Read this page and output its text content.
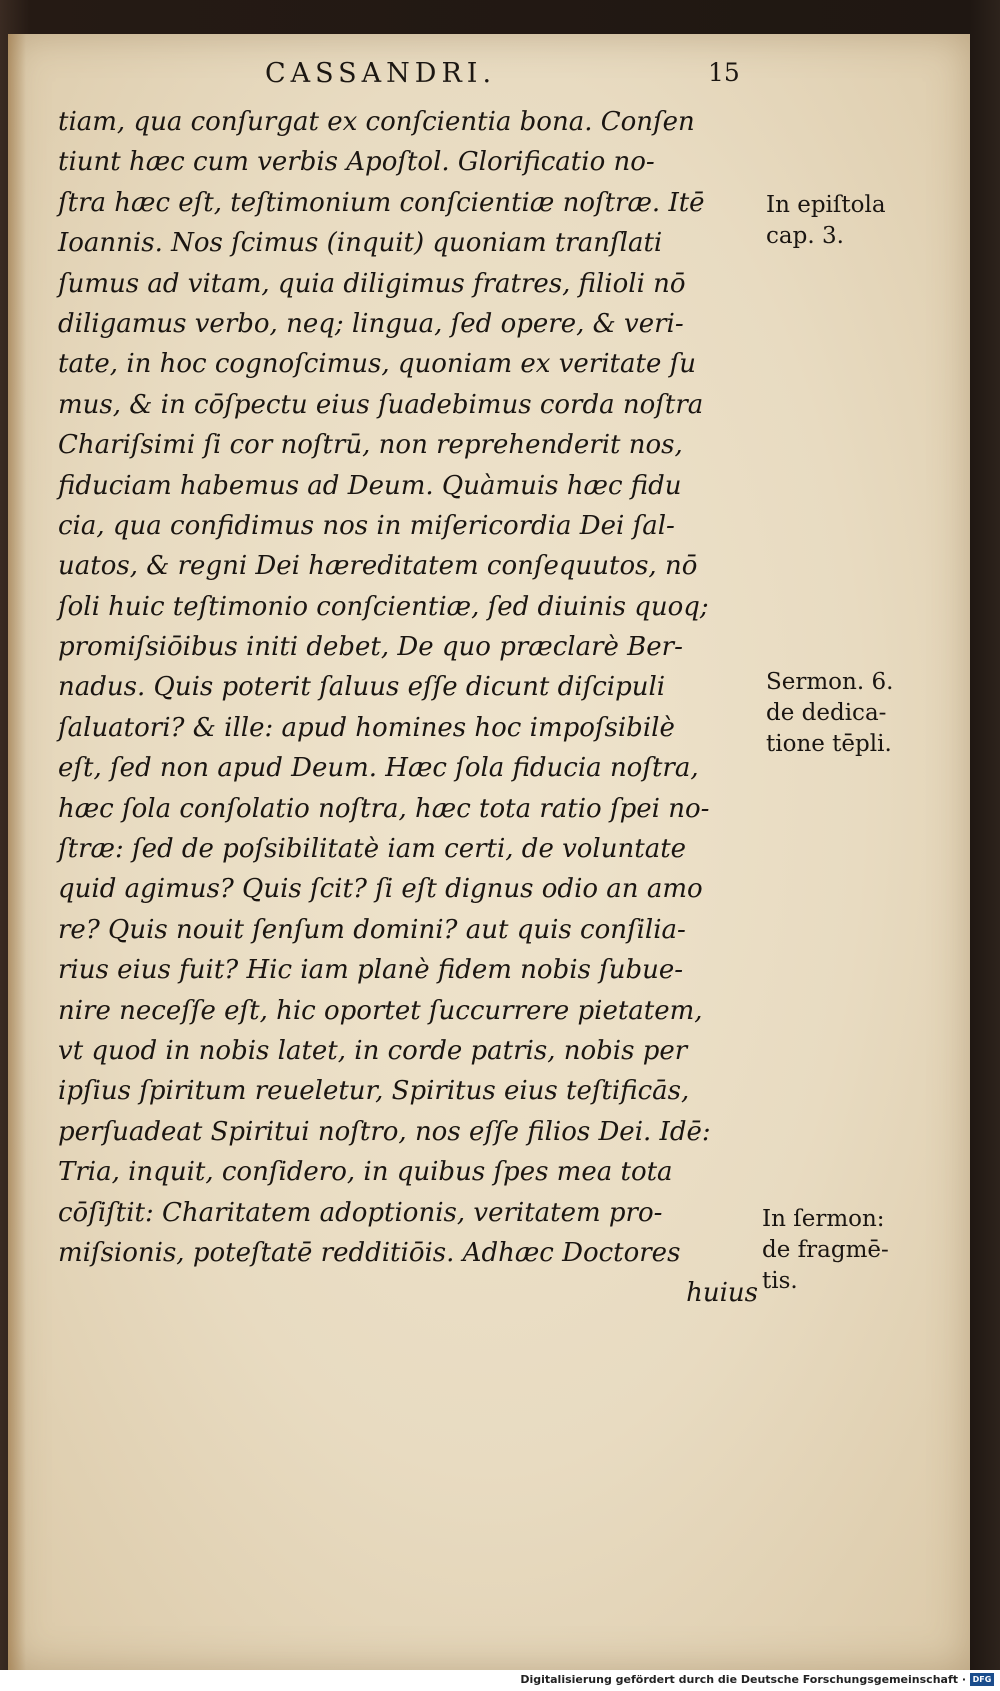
CASSANDRI.	15
tiam, qua conſurgat ex conſcientia bona. Conſen
tiunt hæc cum verbis Apoſtol. Glorificatio no-
ſtra hæc eſt, teſtimonium conſcientiæ noſtræ. Itē
Ioannis. Nos ſcimus (inquit) quoniam tranſlati
ſumus ad vitam, quia diligimus fratres, filioli nō
diligamus verbo, neq; lingua, ſed opere, & veri-
tate, in hoc cognoſcimus, quoniam ex veritate ſu
mus, & in cōſpectu eius ſuadebimus corda noſtra
Chariſsimi ſi cor noſtrū, non reprehenderit nos,
fiduciam habemus ad Deum. Quàmuis hæc fidu
cia, qua confidimus nos in miſericordia Dei ſal-
uatos, & regni Dei hæreditatem conſequutos, nō
ſoli huic teſtimonio conſcientiæ, ſed diuinis quoq;
promiſsiōibus initi debet, De quo præclarè Ber-
nadus. Quis poterit ſaluus eſſe dicunt diſcipuli
ſaluatori? & ille: apud homines hoc impoſsibilè
eſt, ſed non apud Deum. Hæc ſola fiducia noſtra,
hæc ſola conſolatio noſtra, hæc tota ratio ſpei no-
ſtræ: ſed de poſsibilitatè iam certi, de voluntate
quid agimus? Quis ſcit? ſi eſt dignus odio an amo
re? Quis nouit ſenſum domini? aut quis conſilia-
rius eius fuit? Hic iam planè fidem nobis ſubue-
nire neceſſe eſt, hic oportet ſuccurrere pietatem,
vt quod in nobis latet, in corde patris, nobis per
ipſius ſpiritum reueletur, Spiritus eius teſtificās,
perſuadeat Spiritui noſtro, nos eſſe filios Dei. Idē:
Tria, inquit, conſidero, in quibus ſpes mea tota
cōſiſtit: Charitatem adoptionis, veritatem pro-
miſsionis, poteſtatē redditiōis. Adhæc Doctores
huius
In epiſtola
cap. 3.
Sermon. 6.
de dedica-
tione tēpli.
In ſermon:
de fragmē-
tis.
Digitalisierung gefördert durch die Deutsche Forschungsgemeinschaft · DFG
